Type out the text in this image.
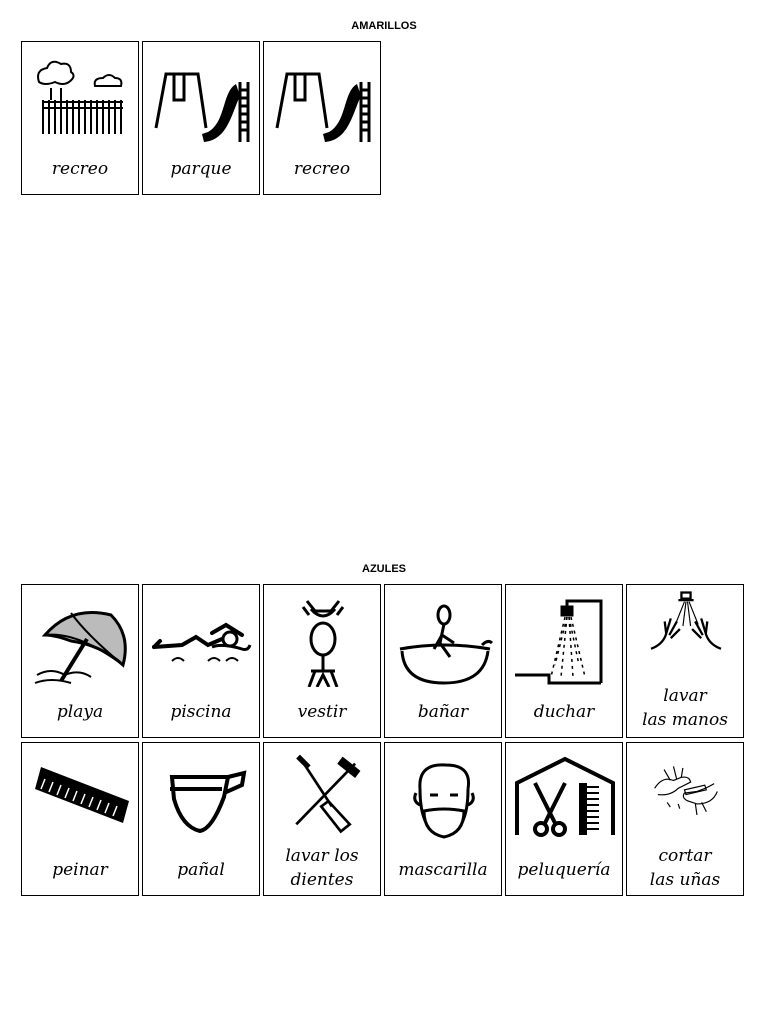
AMARILLOS
recreo	parque	recreo
AZULES
playa	piscina	vestir	bañar	duchar
lavar
las manos
peinar	pañal
lavar los
dientes	mascarilla	peluquería
cortar
las uñas
